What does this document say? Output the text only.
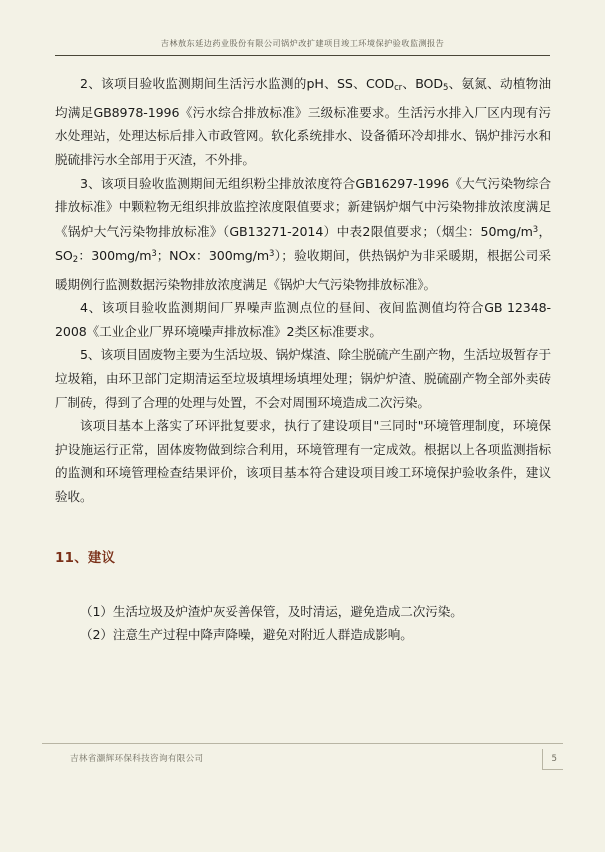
吉林敖东延边药业股份有限公司锅炉改扩建项目竣工环境保护验收监测报告

2、该项目验收监测期间生活污水监测的pH、SS、$COD_{cr}$、$BOD_5$、氨氮、动植物油均满足GB8978-1996《污水综合排放标准》三级标准要求。生活污水排入厂区内现有污水处理站，处理达标后排入市政管网。软化系统排水、设备循环冷却排水、锅炉排污水和脱硫排污水全部用于灭渣，不外排。

3、该项目验收监测期间无组织粉尘排放浓度符合GB16297-1996《大气污染物综合排放标准》中颗粒物无组织排放监控浓度限值要求；新建锅炉烟气中污染物排放浓度满足《锅炉大气污染物排放标准》（GB13271-2014）中表2限值要求；（烟尘：$50mg/m^3$，$SO_2$：$300mg/m^3$；NOx：$300mg/m^3$）；验收期间，供热锅炉为非采暖期，根据公司采暖期例行监测数据污染物排放浓度满足《锅炉大气污染物排放标准》。

4、该项目验收监测期间厂界噪声监测点位的昼间、夜间监测值均符合GB 12348-2008《工业企业厂界环境噪声排放标准》2类区标准要求。

5、该项目固废物主要为生活垃圾、锅炉煤渣、除尘脱硫产生副产物，生活垃圾暂存于垃圾箱，由环卫部门定期清运至垃圾填埋场填埋处理；锅炉炉渣、脱硫副产物全部外卖砖厂制砖，得到了合理的处理与处置，不会对周围环境造成二次污染。

该项目基本上落实了环评批复要求，执行了建设项目"三同时"环境管理制度，环境保护设施运行正常，固体废物做到综合利用，环境管理有一定成效。根据以上各项监测指标的监测和环境管理检查结果评价，该项目基本符合建设项目竣工环境保护验收条件，建议验收。

11、建议

（1）生活垃圾及炉渣炉灰妥善保管，及时清运，避免造成二次污染。

（2）注意生产过程中降声降噪，避免对附近人群造成影响。

吉林省灏辉环保科技咨询有限公司	5
